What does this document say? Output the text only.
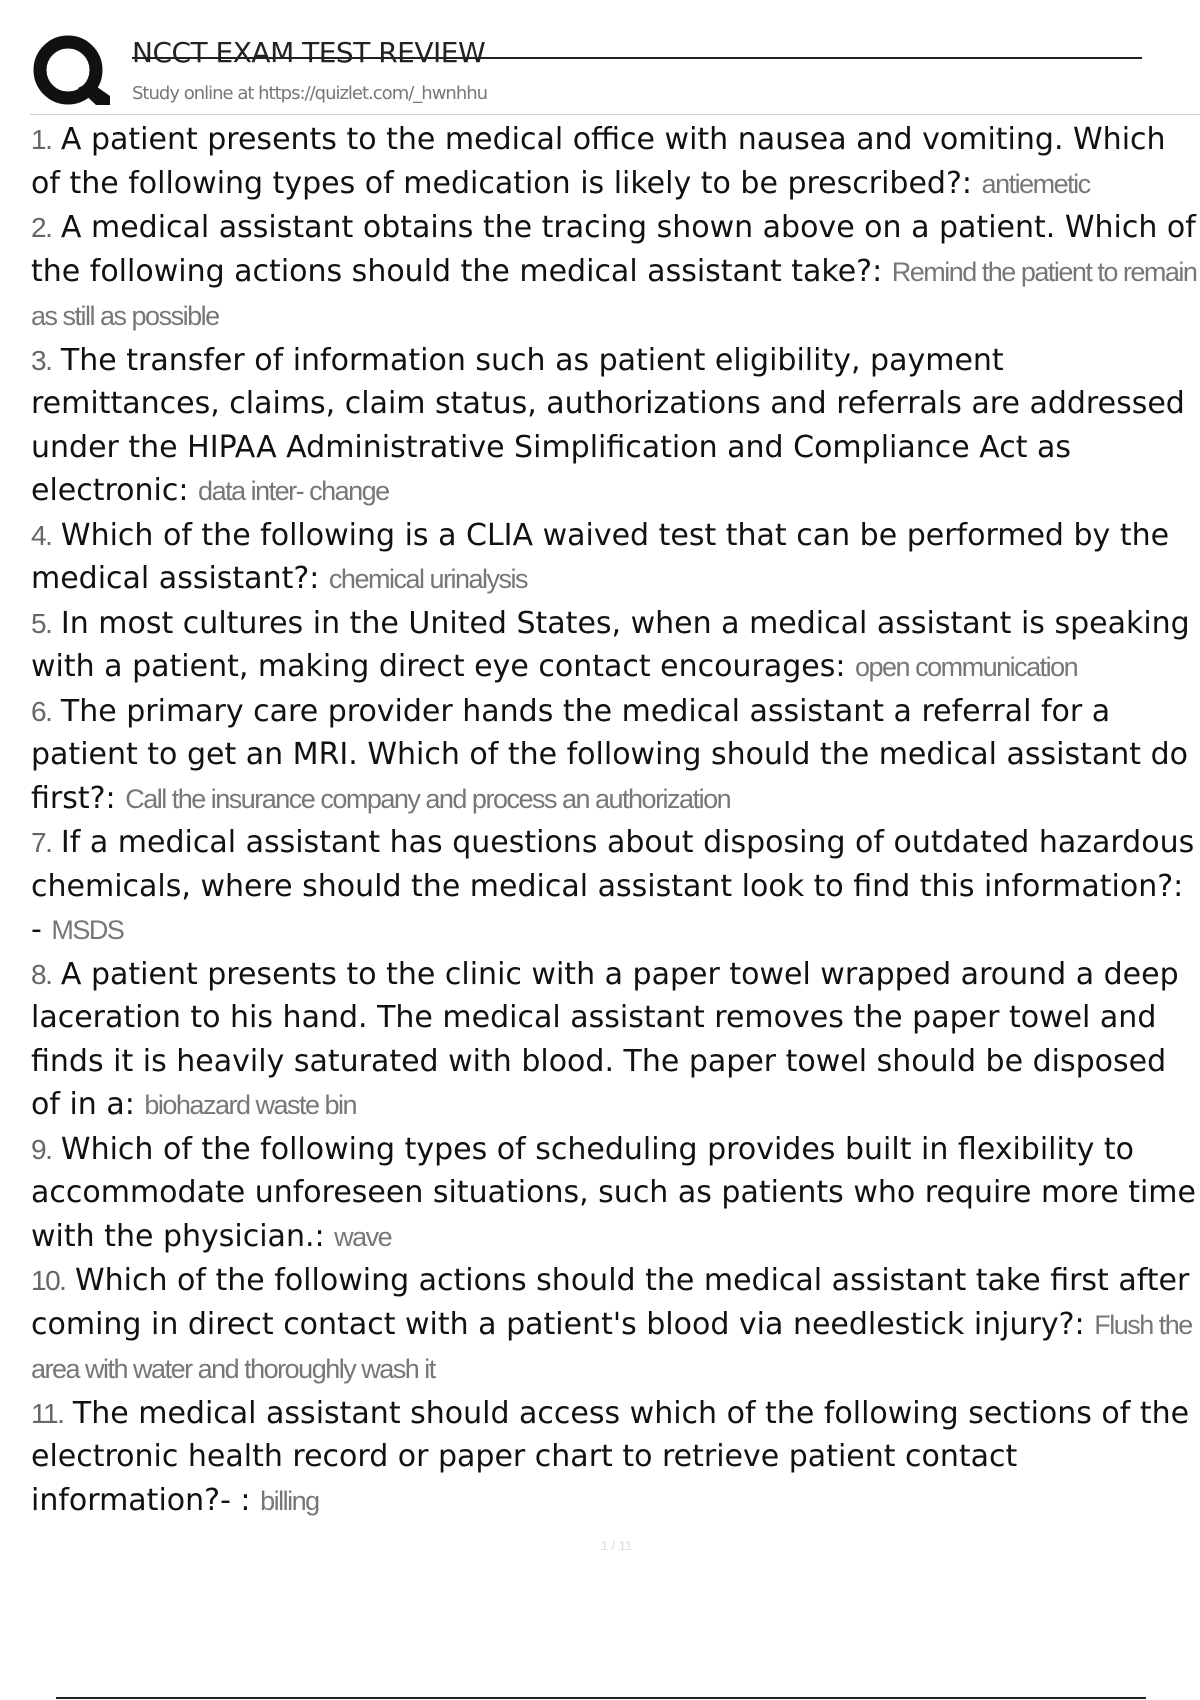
NCCT EXAM TEST REVIEW
Study online at https://quizlet.com/_hwnhhu
1. A patient presents to the medical office with nausea and vomiting. Which of the following types of medication is likely to be prescribed?: antiemetic
2. A medical assistant obtains the tracing shown above on a patient. Which of the following actions should the medical assistant take?: Remind the patient to remain as still as possible
3. The transfer of information such as patient eligibility, payment remittances, claims, claim status, authorizations and referrals are addressed under the HIPAA Administrative Simplification and Compliance Act as electronic: data inter- change
4. Which of the following is a CLIA waived test that can be performed by the medical assistant?: chemical urinalysis
5. In most cultures in the United States, when a medical assistant is speaking with a patient, making direct eye contact encourages: open communication
6. The primary care provider hands the medical assistant a referral for a patient to get an MRI. Which of the following should the medical assistant do first?: Call the insurance company and process an authorization
7. If a medical assistant has questions about disposing of outdated hazardous chemicals, where should the medical assistant look to find this information?: - MSDS
8. A patient presents to the clinic with a paper towel wrapped around a deep laceration to his hand. The medical assistant removes the paper towel and finds it is heavily saturated with blood. The paper towel should be disposed of in a: biohazard waste bin
9. Which of the following types of scheduling provides built in flexibility to accommodate unforeseen situations, such as patients who require more time with the physician.: wave
10. Which of the following actions should the medical assistant take first after coming in direct contact with a patient's blood via needlestick injury?: Flush the area with water and thoroughly wash it
11. The medical assistant should access which of the following sections of the electronic health record or paper chart to retrieve patient contact information?- : billing
1 / 11
